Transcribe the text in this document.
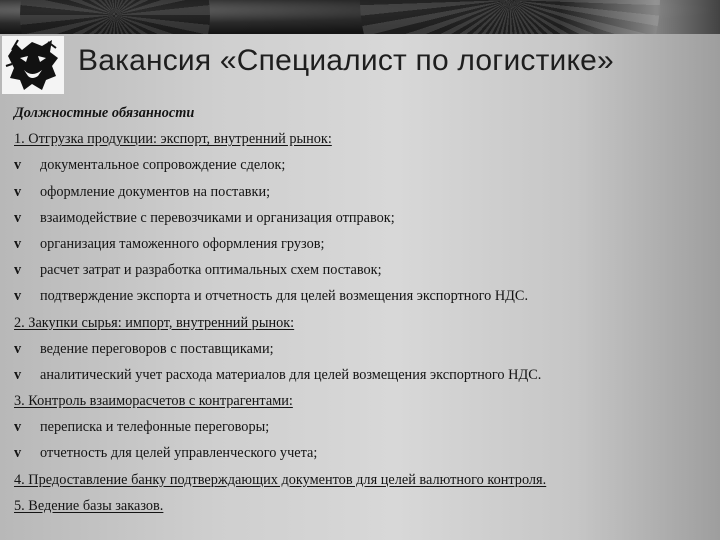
Вакансия «Специалист по логистике»
Должностные обязанности
1. Отгрузка продукции: экспорт, внутренний рынок:
v документальное сопровождение сделок;
v оформление документов на поставки;
v взаимодействие с перевозчиками и организация отправок;
v организация таможенного оформления грузов;
v расчет затрат и разработка оптимальных схем поставок;
v подтверждение экспорта и отчетность для целей возмещения экспортного НДС.
2. Закупки сырья: импорт, внутренний рынок:
v ведение переговоров с поставщиками;
v аналитический учет расхода материалов для целей возмещения экспортного НДС.
3. Контроль взаиморасчетов с контрагентами:
v переписка и телефонные переговоры;
v отчетность для целей управленческого учета;
4. Предоставление банку подтверждающих документов для целей валютного контроля.
5. Ведение базы заказов.
